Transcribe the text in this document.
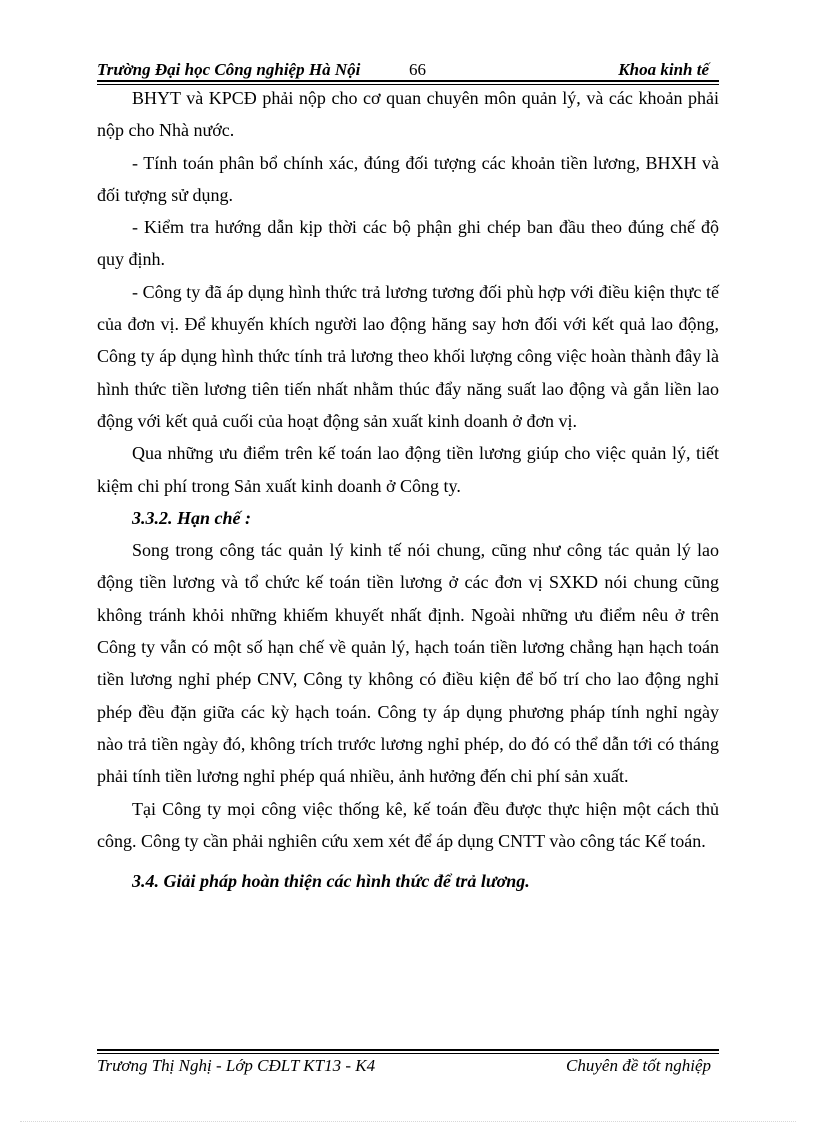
Trường Đại học Công nghiệp Hà Nội	66	Khoa kinh tế

BHYT và KPCĐ phải nộp cho cơ quan chuyên môn quản lý, và các khoản phải nộp cho Nhà nước.

- Tính toán phân bổ chính xác, đúng đối tượng các khoản tiền lương, BHXH và đối tượng sử dụng.

- Kiểm tra hướng dẫn kịp thời các bộ phận ghi chép ban đầu theo đúng chế độ quy định.

- Công ty đã áp dụng hình thức trả lương tương đối phù hợp với điều kiện thực tế của đơn vị. Để khuyến khích người lao động hăng say hơn đối với kết quả lao động, Công ty áp dụng hình thức tính trả lương theo khối lượng công việc hoàn thành đây là hình thức tiền lương tiên tiến nhất nhằm thúc đẩy năng suất lao động và gắn liền lao động với kết quả cuối của hoạt động sản xuất kinh doanh ở đơn vị.

Qua những ưu điểm trên kế toán lao động tiền lương giúp cho việc quản lý, tiết kiệm chi phí trong Sản xuất kinh doanh ở Công ty.

3.3.2. Hạn chế :

Song trong công tác quản lý kinh tế nói chung, cũng như công tác quản lý lao động tiền lương và tổ chức kế toán tiền lương ở các đơn vị SXKD nói chung cũng không tránh khỏi những khiếm khuyết nhất định. Ngoài những ưu điểm nêu ở trên Công ty vẫn có một số hạn chế về quản lý, hạch toán tiền lương chẳng hạn hạch toán tiền lương nghỉ phép CNV, Công ty không có điều kiện để bố trí cho lao động nghỉ phép đều đặn giữa các kỳ hạch toán. Công ty áp dụng phương pháp tính nghỉ ngày nào trả tiền ngày đó, không trích trước lương nghỉ phép, do đó có thể dẫn tới có tháng phải tính tiền lương nghỉ phép quá nhiều, ảnh hưởng đến chi phí sản xuất.

Tại Công ty mọi công việc thống kê, kế toán đều được thực hiện một cách thủ công. Công ty cần phải nghiên cứu xem xét để áp dụng CNTT vào công tác Kế toán.

3.4. Giải pháp hoàn thiện các hình thức để trả lương.

Trương Thị Nghị - Lớp CĐLT KT13 - K4	Chuyên đề tốt nghiệp
